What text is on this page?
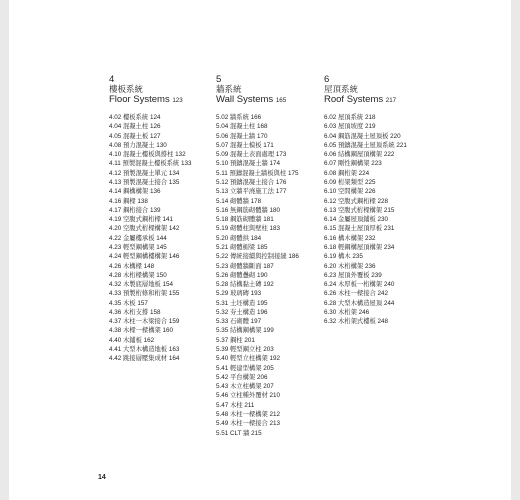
4
樓板系統
Floor Systems 123
4.02 樓板系統 124
4.04 混凝土柱 126
4.05 混凝土板 127
4.08 預力混凝土 130
4.10 混凝土樓板與撐柱 132
4.11 預製混凝土樓板系統 133
4.12 預製混凝土單元 134
4.13 預製混凝土接合 135
4.14 鋼構構架 136
4.16 鋼樑 138
4.17 鋼桁接合 139
4.19 空腹式鋼桁樑 141
4.20 空腹式桁樑構架 142
4.22 金屬樓承板 144
4.23 輕型鋼構架 145
4.24 輕型鋼構樓構架 146
4.26 木構樑 148
4.28 木桁樑構架 150
4.32 木製底層地板 154
4.33 預製桁條和桁架 155
4.35 木板 157
4.36 木桁支撐 158
4.37 木柱一木梁接合 159
4.38 木樑一樑構架 160
4.40 木鋪板 162
4.41 大型木構造地板 163
4.42 跳接層壓集成材 164
5
牆系統
Wall Systems 165
5.02 牆系統 166
5.04 混凝土柱 168
5.06 混凝土牆 170
5.07 混凝土模板 171
5.09 混凝土表面處理 173
5.10 預鑄混凝土牆 174
5.11 預鑄混凝土牆板與柱 175
5.12 預鑄混凝土接合 176
5.13 立牆平澆施工法 177
5.14 砌體牆 178
5.16 無鋼筋砌體牆 180
5.18 鋼筋砌體牆 181
5.19 砌體柱與壁柱 183
5.20 砌體拱 184
5.21 砌體楣梁 185
5.22 傳統接續與控制接縫 186
5.23 砌體牆斷面 187
5.26 砌體疊砌 190
5.28 結構黏土磚 192
5.29 玻璃磚 193
5.31 土坯構造 195
5.32 夯土構造 196
5.33 石砌體 197
5.35 結構鋼構架 199
5.37 鋼柱 201
5.39 輕型鋼立柱 203
5.40 輕型立柱構架 192
5.41 輕建型構架 205
5.42 平台構架 206
5.43 木立柱構架 207
5.46 立柱種外覆材 210
5.47 木柱 211
5.48 木柱一樑構架 212
5.49 木柱一樑接合 213
5.51 CLT 牆 215
6
屋頂系統
Roof Systems 217
6.02 屋頂系統 218
6.03 屋頂坡度 219
6.04 鋼筋混凝土屋頂板 220
6.05 預鑄混凝土屋頂系統 221
6.06 結構鋼屋頂構架 222
6.07 剛性鋼構架 223
6.08 鋼桁架 224
6.09 桁架類型 225
6.10 空間構架 226
6.12 空腹式鋼桁樑 228
6.13 空腹式桁樑構架 215
6.14 金屬屋頂鋪板 230
6.15 混凝土屋頂厚板 231
6.16 構木構架 232
6.18 輕鋼構屋頂構架 234
6.19 構木 235
6.20 木桁構架 236
6.23 屋頂外覆板 239
6.24 木厚板一桁構架 240
6.26 木柱一樑接合 242
6.28 大型木構造屋頂 244
6.30 木桁架 246
6.32 木桁架式樓板 248
14
